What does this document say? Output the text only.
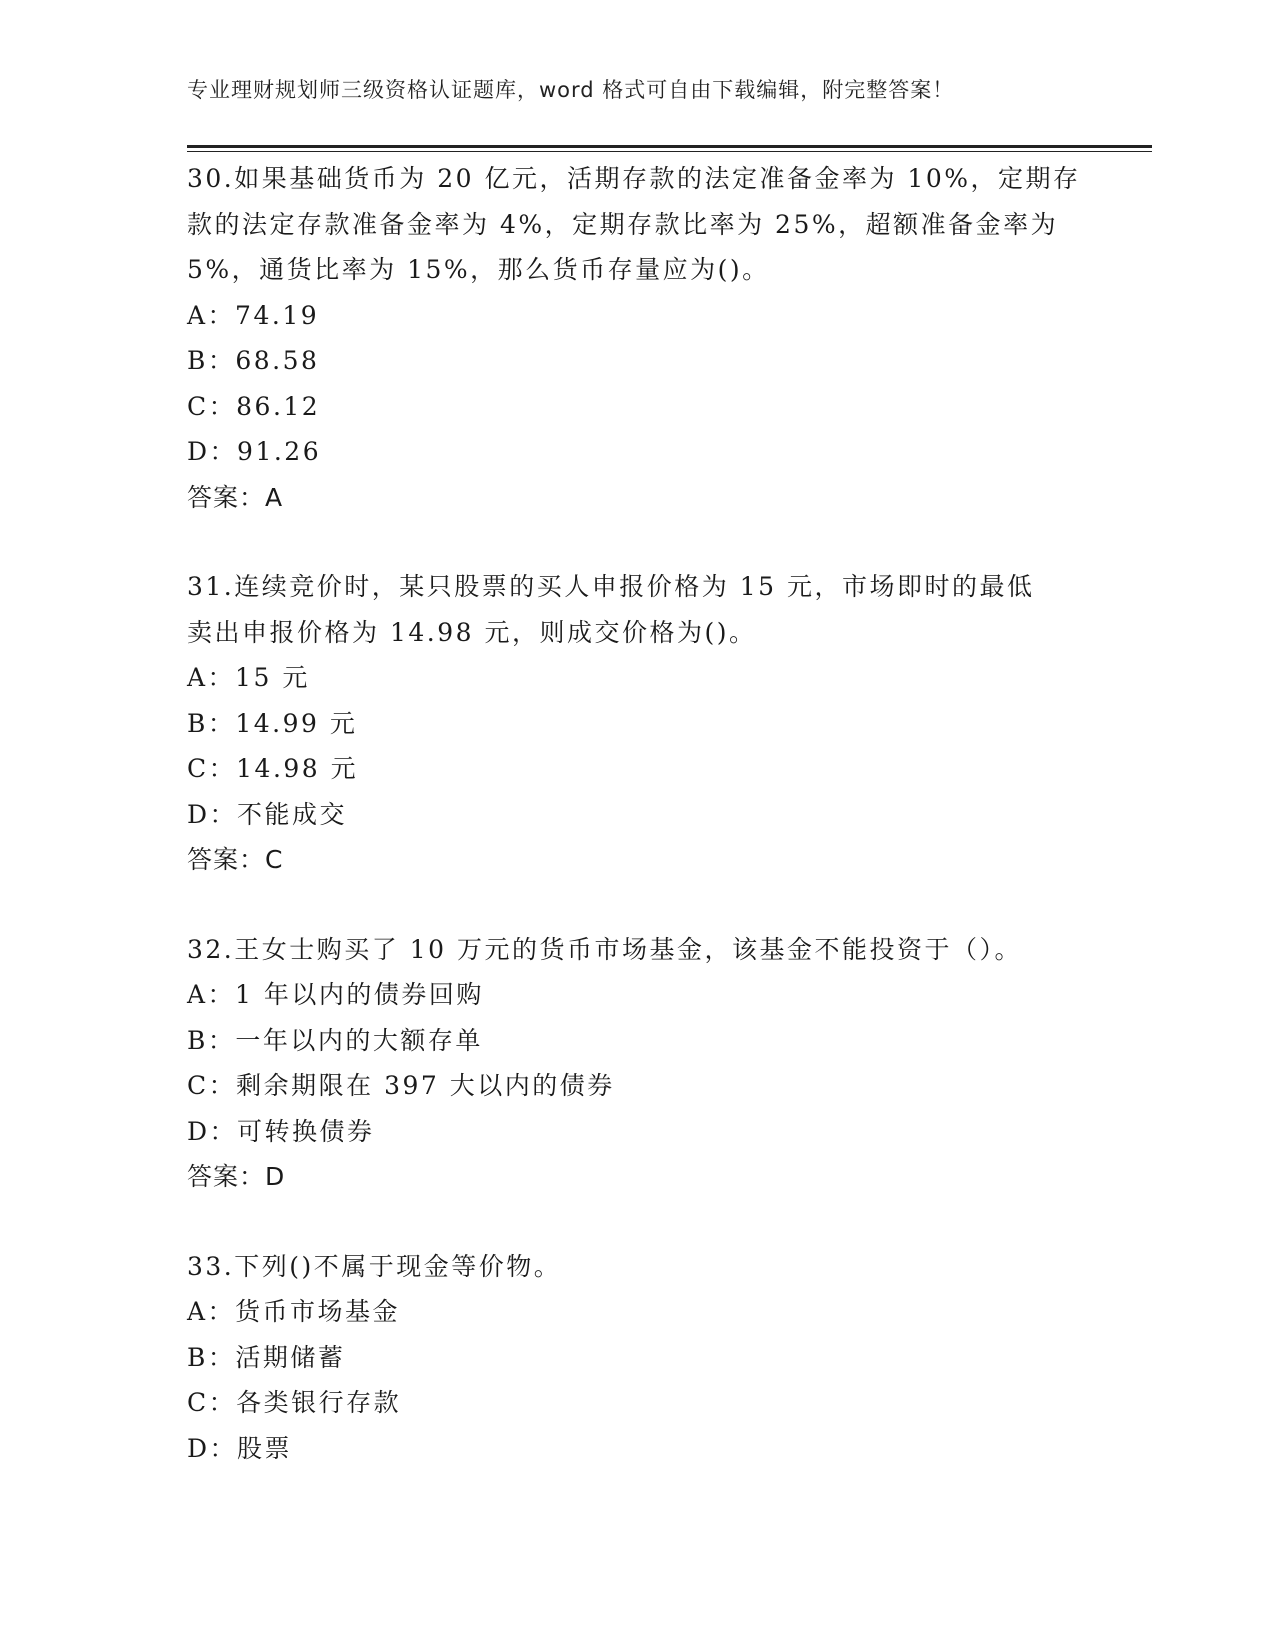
专业理财规划师三级资格认证题库，word 格式可自由下载编辑，附完整答案！
30.如果基础货币为 20 亿元，活期存款的法定准备金率为 10%，定期存
款的法定存款准备金率为 4%，定期存款比率为 25%，超额准备金率为
5%，通货比率为 15%，那么货币存量应为()。
A：74.19
B：68.58
C：86.12
D：91.26
答案：A
31.连续竞价时，某只股票的买人申报价格为 15 元，市场即时的最低
卖出申报价格为 14.98 元，则成交价格为()。
A：15 元
B：14.99 元
C：14.98 元
D：不能成交
答案：C
32.王女士购买了 10 万元的货币市场基金，该基金不能投资于（）。
A：1 年以内的债券回购
B：一年以内的大额存单
C：剩余期限在 397 大以内的债券
D：可转换债券
答案：D
33.下列()不属于现金等价物。
A：货币市场基金
B：活期储蓄
C：各类银行存款
D：股票
